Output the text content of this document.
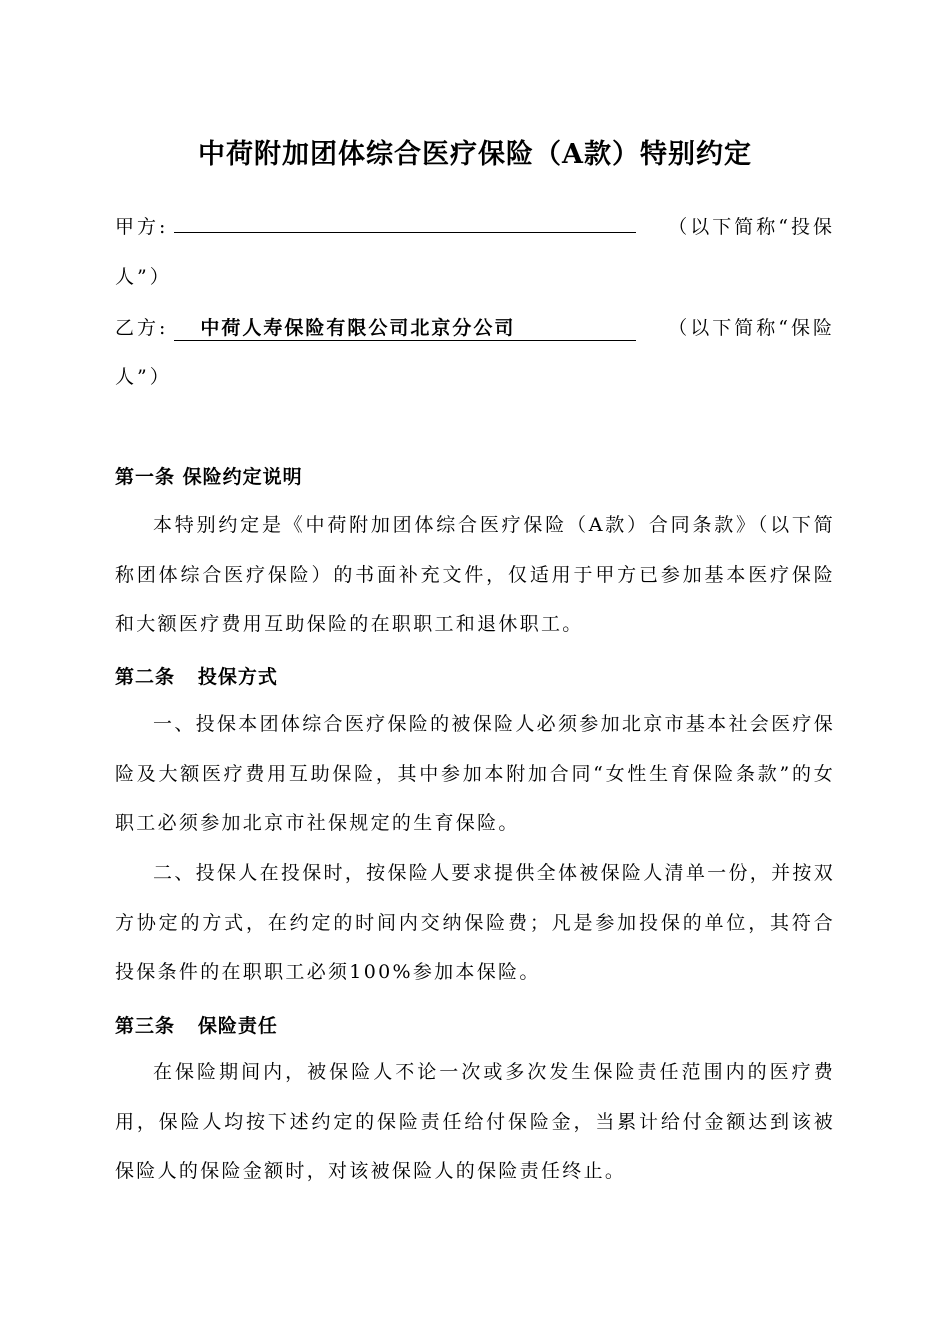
中荷附加团体综合医疗保险（A款）特别约定
甲方:	（以下简称“投保
人”）
乙方: 中荷人寿保险有限公司北京分公司	（以下简称“保险
人”）
第一条 保险约定说明
本特别约定是《中荷附加团体综合医疗保险（A款）合同条款》（以下简称团体综合医疗保险）的书面补充文件，仅适用于甲方已参加基本医疗保险和大额医疗费用互助保险的在职职工和退休职工。
第二条   投保方式
一、投保本团体综合医疗保险的被保险人必须参加北京市基本社会医疗保险及大额医疗费用互助保险，其中参加本附加合同“女性生育保险条款”的女职工必须参加北京市社保规定的生育保险。
二、投保人在投保时，按保险人要求提供全体被保险人清单一份，并按双方协定的方式，在约定的时间内交纳保险费；凡是参加投保的单位，其符合投保条件的在职职工必须100%参加本保险。
第三条   保险责任
在保险期间内，被保险人不论一次或多次发生保险责任范围内的医疗费用，保险人均按下述约定的保险责任给付保险金，当累计给付金额达到该被保险人的保险金额时，对该被保险人的保险责任终止。
